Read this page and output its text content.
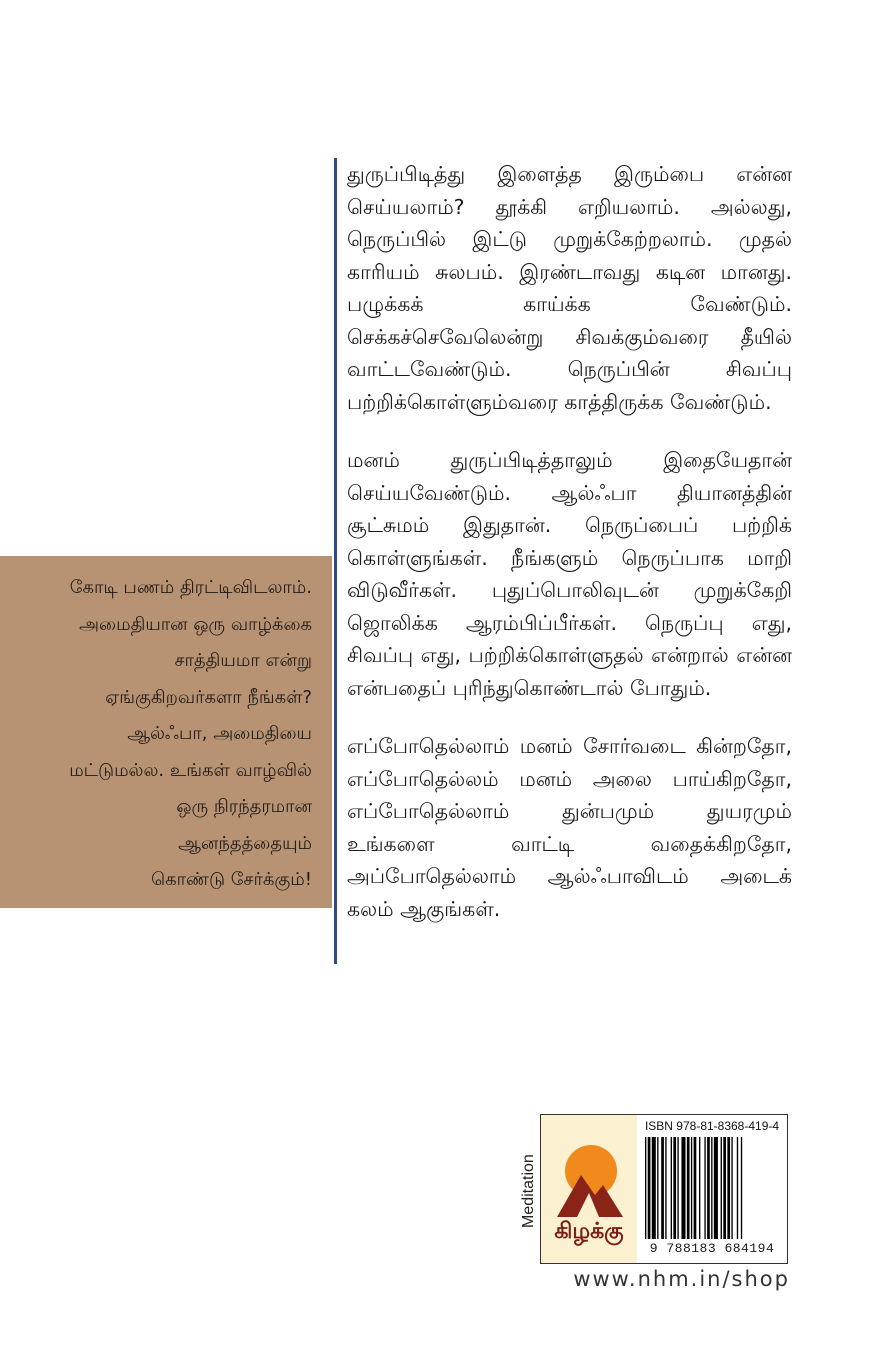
துருப்பிடித்து இளைத்த இரும்பை என்ன செய்யலாம்? தூக்கி எறியலாம். அல்லது, நெருப்பில் இட்டு முறுக்கேற்றலாம். முதல் காரியம் சுலபம். இரண்டாவது கடின மானது. பழுக்கக் காய்க்க வேண்டும். செக்கச்செவேலென்று சிவக்கும்வரை தீயில் வாட்டவேண்டும். நெருப்பின் சிவப்பு பற்றிக்கொள்ளும்வரை காத்திருக்க வேண்டும்.

மனம் துருப்பிடித்தாலும் இதையேதான் செய்யவேண்டும். ஆல்ஃபா தியானத்தின் சூட்சுமம் இதுதான். நெருப்பைப் பற்றிக் கொள்ளுங்கள். நீங்களும் நெருப்பாக மாறி விடுவீர்கள். புதுப்பொலிவுடன் முறுக்கேறி ஜொலிக்க ஆரம்பிப்பீர்கள். நெருப்பு எது, சிவப்பு எது, பற்றிக்கொள்ளுதல் என்றால் என்ன என்பதைப் புரிந்துகொண்டால் போதும்.

எப்போதெல்லாம் மனம் சோர்வடை கின்றதோ, எப்போதெல்லம் மனம் அலை பாய்கிறதோ, எப்போதெல்லாம் துன்பமும் துயரமும் உங்களை வாட்டி வதைக்கிறதோ, அப்போதெல்லாம் ஆல்ஃபாவிடம் அடைக் கலம் ஆகுங்கள்.

கோடி பணம் திரட்டிவிடலாம்.
அமைதியான ஒரு வாழ்க்கை
சாத்தியமா என்று
ஏங்குகிறவர்களா நீங்கள்?
ஆல்ஃபா, அமைதியை
மட்டுமல்ல. உங்கள் வாழ்வில்
ஒரு நிரந்தரமான
ஆனந்தத்தையும்
கொண்டு சேர்க்கும்!
Meditation
கிழக்கு
ISBN 978-81-8368-419-4
9 788183 684194
www.nhm.in/shop
